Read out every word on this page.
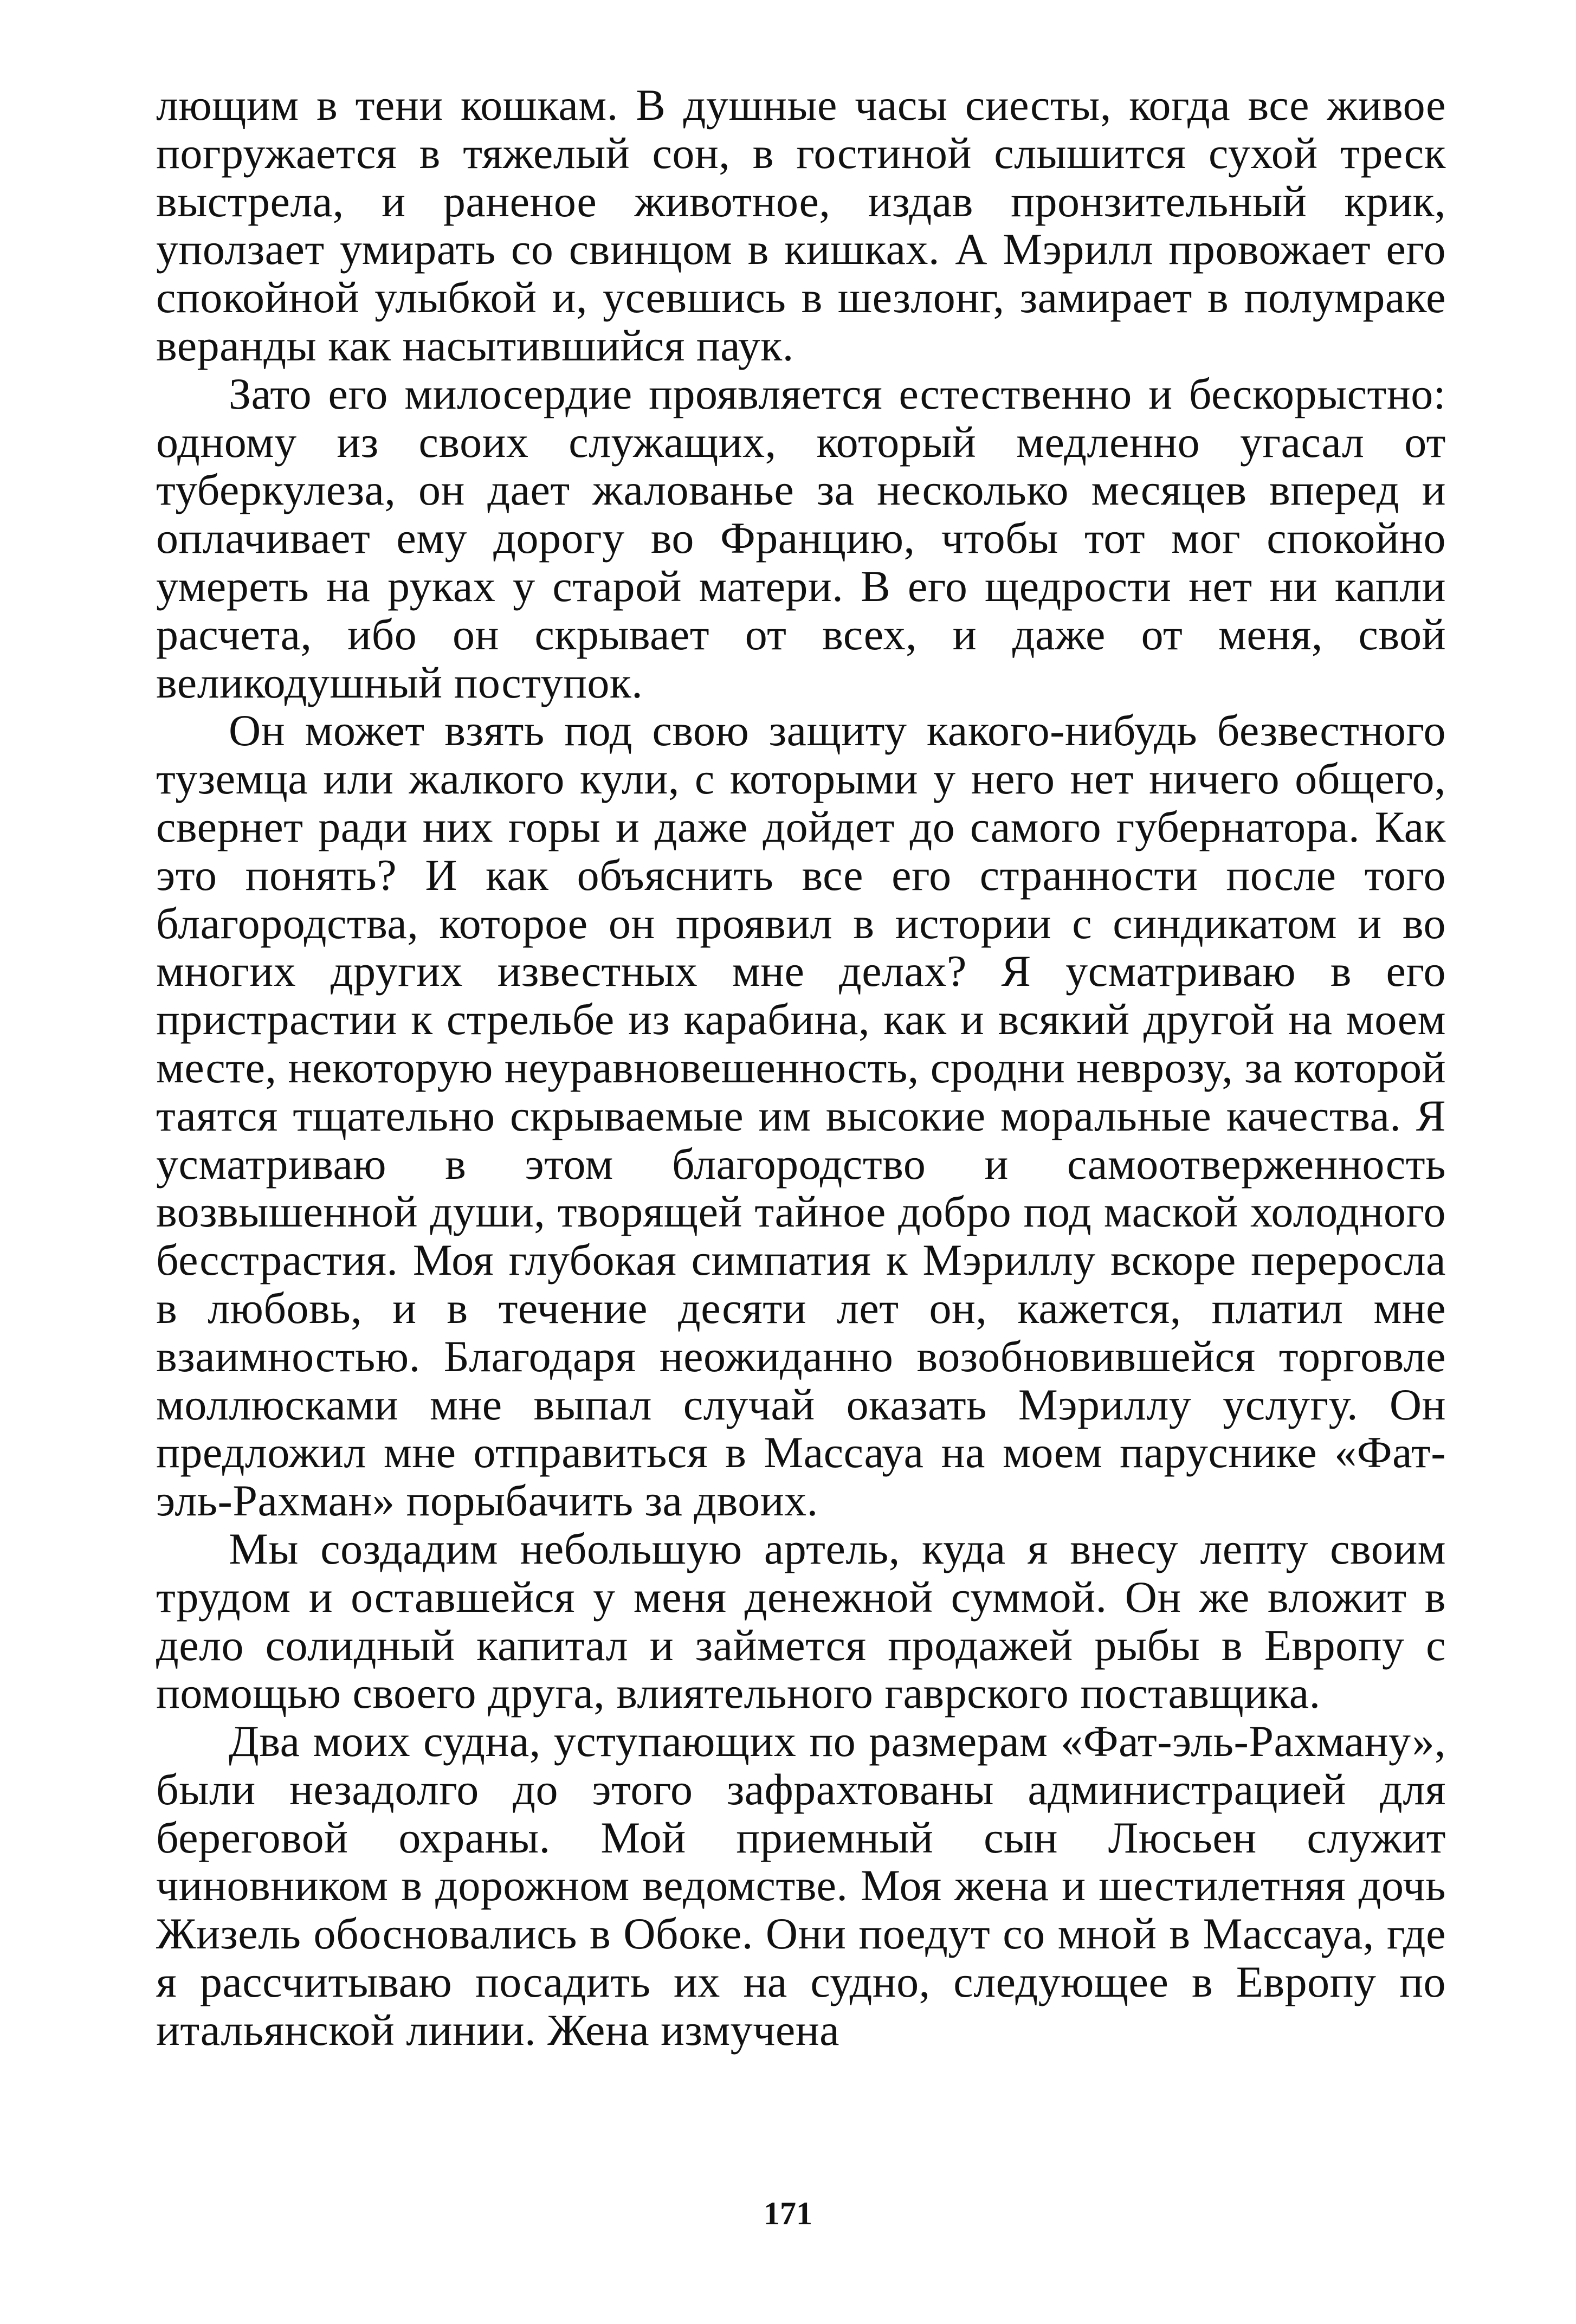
лющим в тени кошкам. В душные часы сиесты, когда все живое погружается в тяжелый сон, в гостиной слышится сухой треск выстрела, и раненое животное, издав пронзительный крик, уползает умирать со свинцом в кишках. А Мэрилл провожает его спокойной улыбкой и, усевшись в шезлонг, замирает в полумраке веранды как насытившийся паук.

Зато его милосердие проявляется естественно и бескорыстно: одному из своих служащих, который медленно угасал от туберкулеза, он дает жалованье за несколько месяцев вперед и оплачивает ему дорогу во Францию, чтобы тот мог спокойно умереть на руках у старой матери. В его щедрости нет ни капли расчета, ибо он скрывает от всех, и даже от меня, свой великодушный поступок.

Он может взять под свою защиту какого-нибудь безвестного туземца или жалкого кули, с которыми у него нет ничего общего, свернет ради них горы и даже дойдет до самого губернатора. Как это понять? И как объяснить все его странности после того благородства, которое он проявил в истории с синдикатом и во многих других известных мне делах? Я усматриваю в его пристрастии к стрельбе из карабина, как и всякий другой на моем месте, некоторую неуравновешенность, сродни неврозу, за которой таятся тщательно скрываемые им высокие моральные качества. Я усматриваю в этом благородство и самоотверженность возвышенной души, творящей тайное добро под маской холодного бесстрастия. Моя глубокая симпатия к Мэриллу вскоре переросла в любовь, и в течение десяти лет он, кажется, платил мне взаимностью. Благодаря неожиданно возобновившейся торговле моллюсками мне выпал случай оказать Мэриллу услугу. Он предложил мне отправиться в Массауа на моем паруснике «Фат-эль-Рахман» порыбачить за двоих.

Мы создадим небольшую артель, куда я внесу лепту своим трудом и оставшейся у меня денежной суммой. Он же вложит в дело солидный капитал и займется продажей рыбы в Европу с помощью своего друга, влиятельного гаврского поставщика.

Два моих судна, уступающих по размерам «Фат-эль-Рахману», были незадолго до этого зафрахтованы администрацией для береговой охраны. Мой приемный сын Люсьен служит чиновником в дорожном ведомстве. Моя жена и шестилетняя дочь Жизель обосновались в Обоке. Они поедут со мной в Массауа, где я рассчитываю посадить их на судно, следующее в Европу по итальянской линии. Жена измучена

171
